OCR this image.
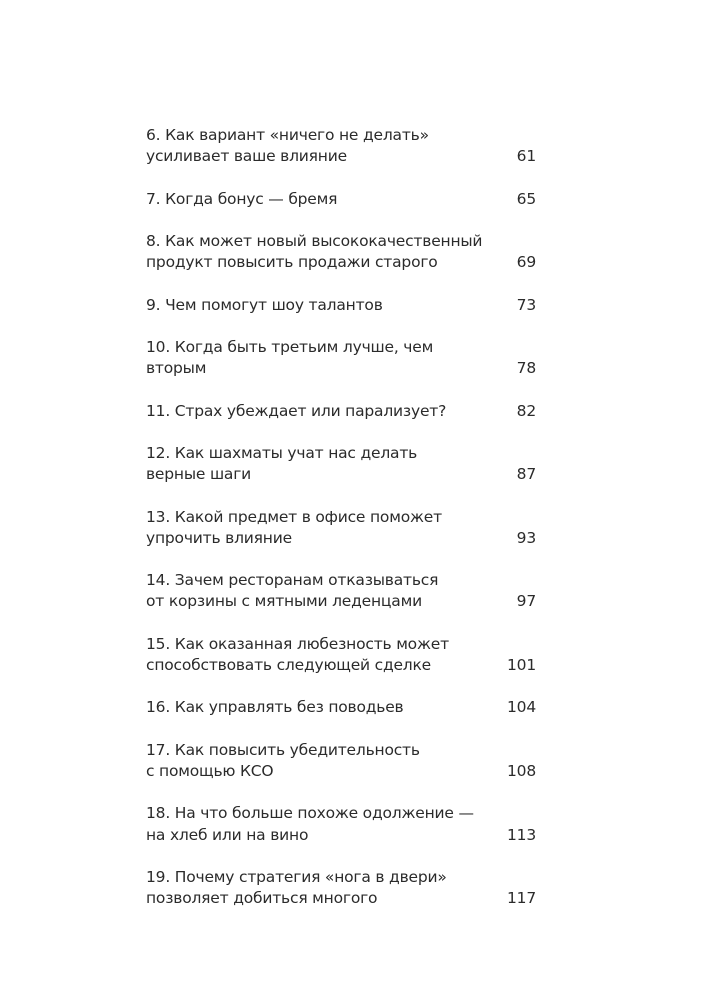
6. Как вариант «ничего не делать»
усиливает ваше влияние	61
7. Когда бонус — бремя	65
8. Как может новый высококачественный
продукт повысить продажи старого	69
9. Чем помогут шоу талантов	73
10. Когда быть третьим лучше, чем вторым	78
11. Страх убеждает или парализует?	82
12. Как шахматы учат нас делать
верные шаги	87
13. Какой предмет в офисе поможет
упрочить влияние	93
14. Зачем ресторанам отказываться
от корзины с мятными леденцами	97
15. Как оказанная любезность может
способствовать следующей сделке	101
16. Как управлять без поводьев	104
17. Как повысить убедительность
с помощью КСО	108
18. На что больше похоже одолжение —
на хлеб или на вино	113
19. Почему стратегия «нога в двери»
позволяет добиться многого	117
